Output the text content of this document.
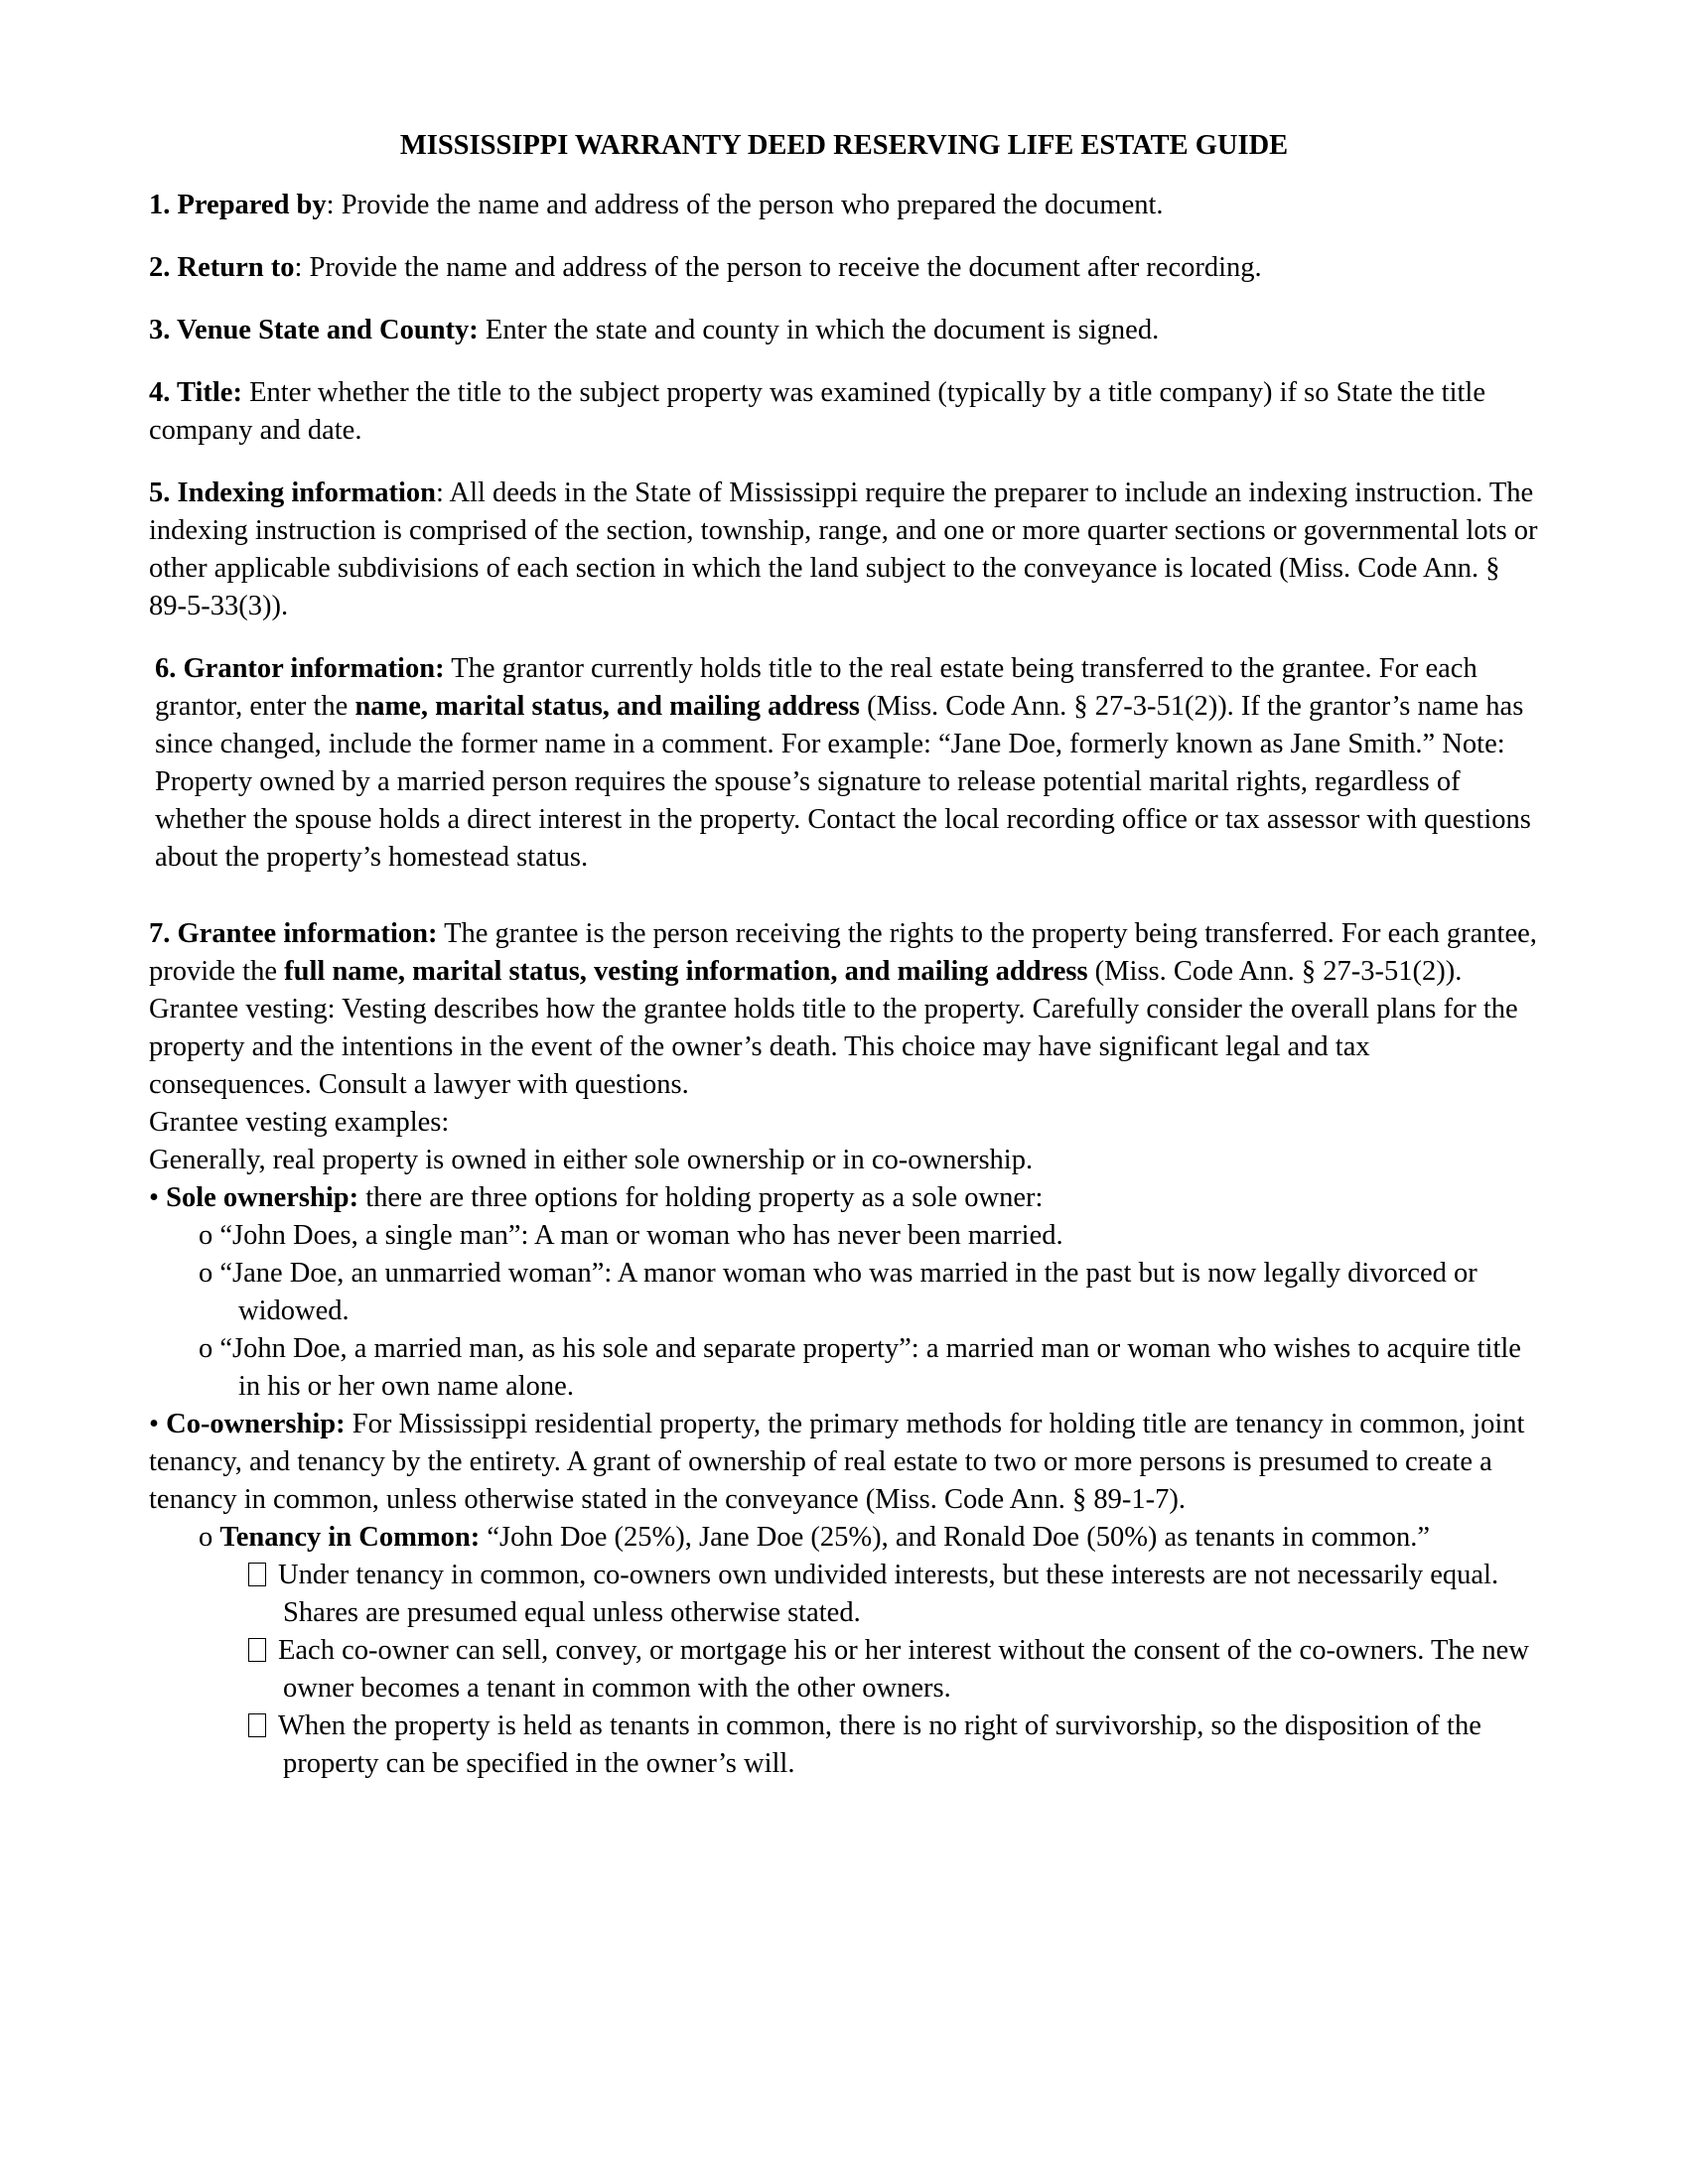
MISSISSIPPI WARRANTY DEED RESERVING LIFE ESTATE GUIDE

1. Prepared by: Provide the name and address of the person who prepared the document.

2. Return to: Provide the name and address of the person to receive the document after recording.

3. Venue State and County: Enter the state and county in which the document is signed.

4. Title: Enter whether the title to the subject property was examined (typically by a title company) if so State the title company and date.

5. Indexing information: All deeds in the State of Mississippi require the preparer to include an indexing instruction. The indexing instruction is comprised of the section, township, range, and one or more quarter sections or governmental lots or other applicable subdivisions of each section in which the land subject to the conveyance is located (Miss. Code Ann. § 89-5-33(3)).

6. Grantor information: The grantor currently holds title to the real estate being transferred to the grantee. For each grantor, enter the name, marital status, and mailing address (Miss. Code Ann. § 27-3-51(2)). If the grantor’s name has since changed, include the former name in a comment. For example: “Jane Doe, formerly known as Jane Smith.” Note: Property owned by a married person requires the spouse’s signature to release potential marital rights, regardless of whether the spouse holds a direct interest in the property. Contact the local recording office or tax assessor with questions about the property’s homestead status.

7. Grantee information: The grantee is the person receiving the rights to the property being transferred. For each grantee, provide the full name, marital status, vesting information, and mailing address (Miss. Code Ann. § 27-3-51(2)). Grantee vesting: Vesting describes how the grantee holds title to the property. Carefully consider the overall plans for the property and the intentions in the event of the owner’s death. This choice may have significant legal and tax consequences. Consult a lawyer with questions.

Grantee vesting examples:
Generally, real property is owned in either sole ownership or in co-ownership.
• Sole ownership: there are three options for holding property as a sole owner:
o “John Does, a single man”: A man or woman who has never been married.
o “Jane Doe, an unmarried woman”: A manor woman who was married in the past but is now legally divorced or widowed.
o “John Doe, a married man, as his sole and separate property”: a married man or woman who wishes to acquire title in his or her own name alone.
• Co-ownership: For Mississippi residential property, the primary methods for holding title are tenancy in common, joint tenancy, and tenancy by the entirety. A grant of ownership of real estate to two or more persons is presumed to create a tenancy in common, unless otherwise stated in the conveyance (Miss. Code Ann. § 89-1-7).
o Tenancy in Common: “John Doe (25%), Jane Doe (25%), and Ronald Doe (50%) as tenants in common.”
Under tenancy in common, co-owners own undivided interests, but these interests are not necessarily equal. Shares are presumed equal unless otherwise stated.
Each co-owner can sell, convey, or mortgage his or her interest without the consent of the co-owners. The new owner becomes a tenant in common with the other owners.
When the property is held as tenants in common, there is no right of survivorship, so the disposition of the property can be specified in the owner’s will.
